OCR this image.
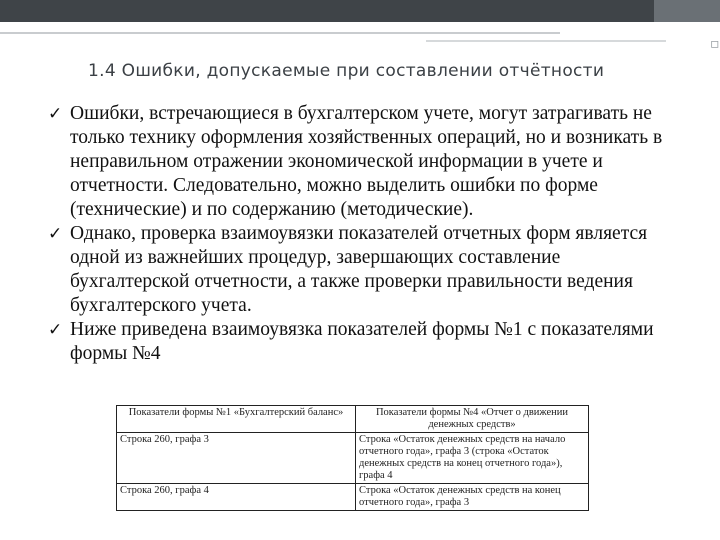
▫
1.4 Ошибки, допускаемые при составлении отчётности
✓ Ошибки, встречающиеся в бухгалтерском учете, могут затрагивать не только технику оформления хозяйственных операций, но и возникать в неправильном отражении экономической информации в учете и отчетности. Следовательно, можно выделить ошибки по форме (технические) и по содержанию (методические).
✓ Однако, проверка взаимоувязки показателей отчетных форм является одной из важнейших процедур, завершающих составление бухгалтерской отчетности, а также проверки правильности ведения бухгалтерского учета.
✓ Ниже приведена взаимоувязка показателей формы №1 с показателями формы №4
Показатели формы №1 «Бухгалтерский баланс»	Показатели формы №4 «Отчет о движении денежных средств»
Строка 260, графа 3	Строка «Остаток денежных средств на начало отчетного года», графа 3 (строка «Остаток денежных средств на конец отчетного года»), графа 4
Строка 260, графа 4	Строка «Остаток денежных средств на конец отчетного года», графа 3
